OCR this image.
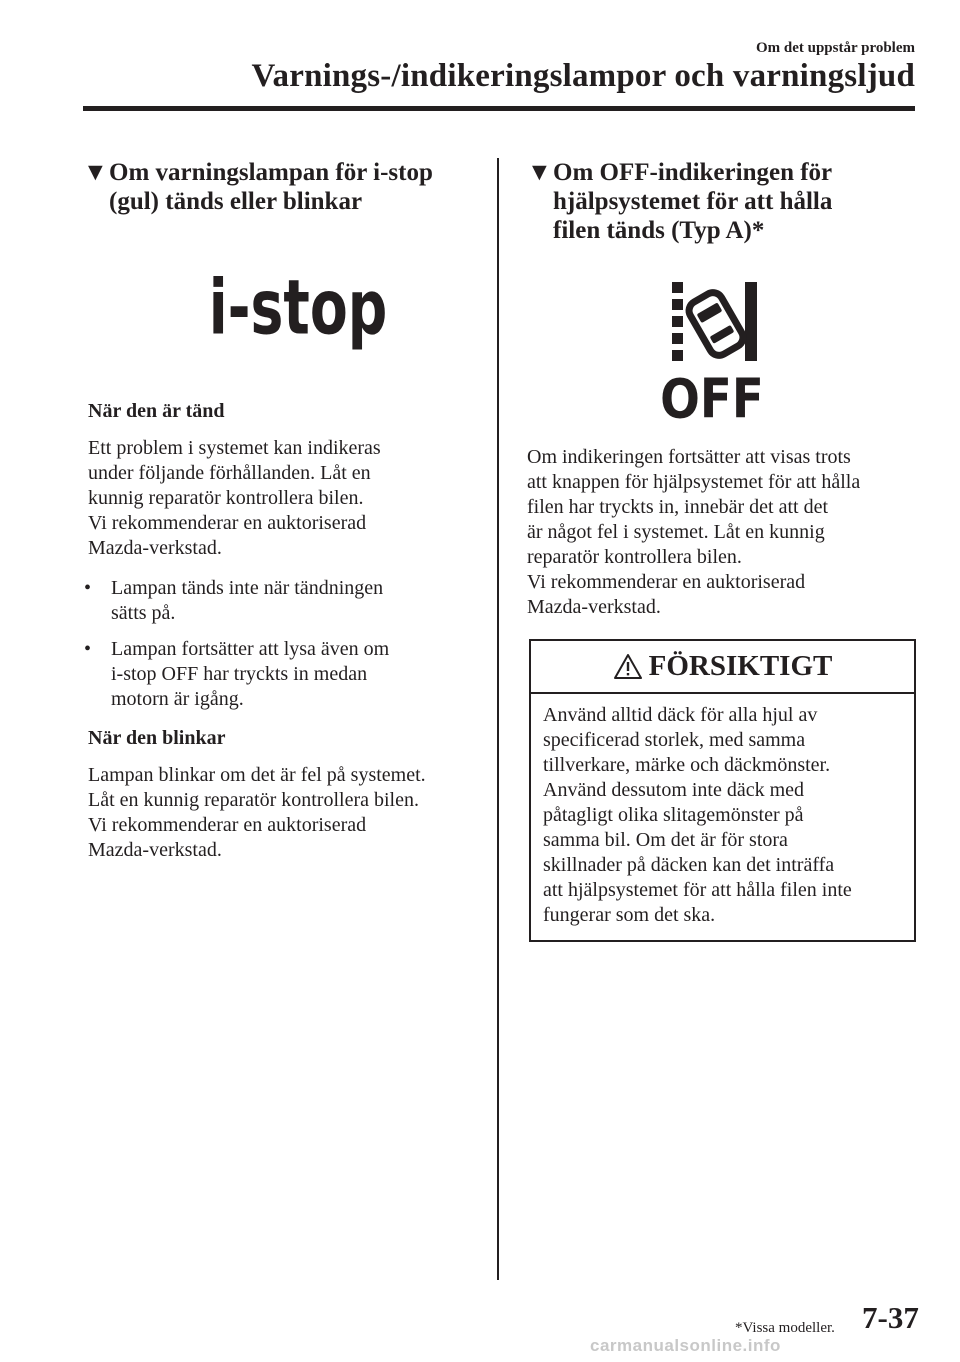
Om det uppstår problem
Varnings-/indikeringslampor och varningsljud
▼ Om varningslampan för i-stop
(gul) tänds eller blinkar
i-stop
När den är tänd
Ett problem i systemet kan indikeras
under följande förhållanden. Låt en
kunnig reparatör kontrollera bilen.
Vi rekommenderar en auktoriserad
Mazda-verkstad.
• Lampan tänds inte när tändningen
sätts på.
• Lampan fortsätter att lysa även om
i-stop OFF har tryckts in medan
motorn är igång.
När den blinkar
Lampan blinkar om det är fel på systemet.
Låt en kunnig reparatör kontrollera bilen.
Vi rekommenderar en auktoriserad
Mazda-verkstad.
▼ Om OFF-indikeringen för
hjälpsystemet för att hålla
filen tänds (Typ A)*
OFF
Om indikeringen fortsätter att visas trots
att knappen för hjälpsystemet för att hålla
filen har tryckts in, innebär det att det
är något fel i systemet. Låt en kunnig
reparatör kontrollera bilen.
Vi rekommenderar en auktoriserad
Mazda-verkstad.
FÖRSIKTIGT
Använd alltid däck för alla hjul av
specificerad storlek, med samma
tillverkare, märke och däckmönster.
Använd dessutom inte däck med
påtagligt olika slitagemönster på
samma bil. Om det är för stora
skillnader på däcken kan det inträffa
att hjälpsystemet för att hålla filen inte
fungerar som det ska.
*Vissa modeller. 7-37
carmanualsonline.info
